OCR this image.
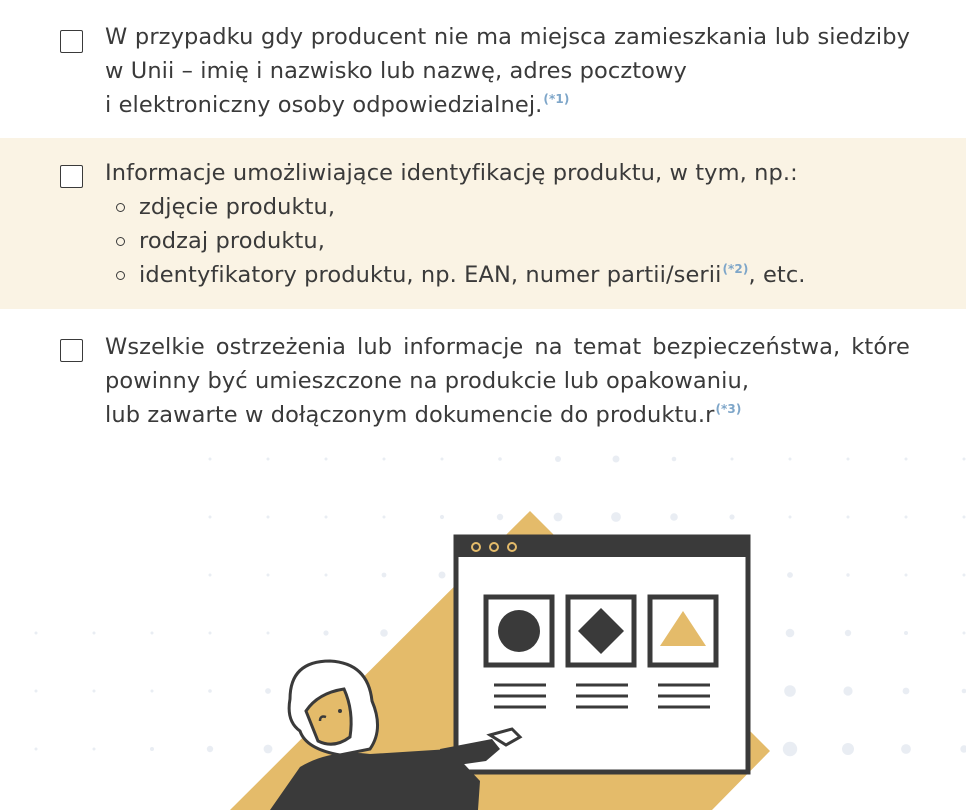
W przypadku gdy producent nie ma miejsca zamieszkania lub siedziby w Unii – imię i nazwisko lub nazwę, adres pocztowy
i elektroniczny osoby odpowiedzialnej.$^{(*1)}$
Informacje umożliwiające identyfikację produktu, w tym, np.:
zdjęcie produktu,
rodzaj produktu,
identyfikatory produktu, np. EAN, numer partii/serii$^{(*2)}$, etc.
Wszelkie ostrzeżenia lub informacje na temat bezpieczeństwa, które powinny być umieszczone na produkcie lub opakowaniu,
lub zawarte w dołączonym dokumencie do produktu.r$^{(*3)}$
